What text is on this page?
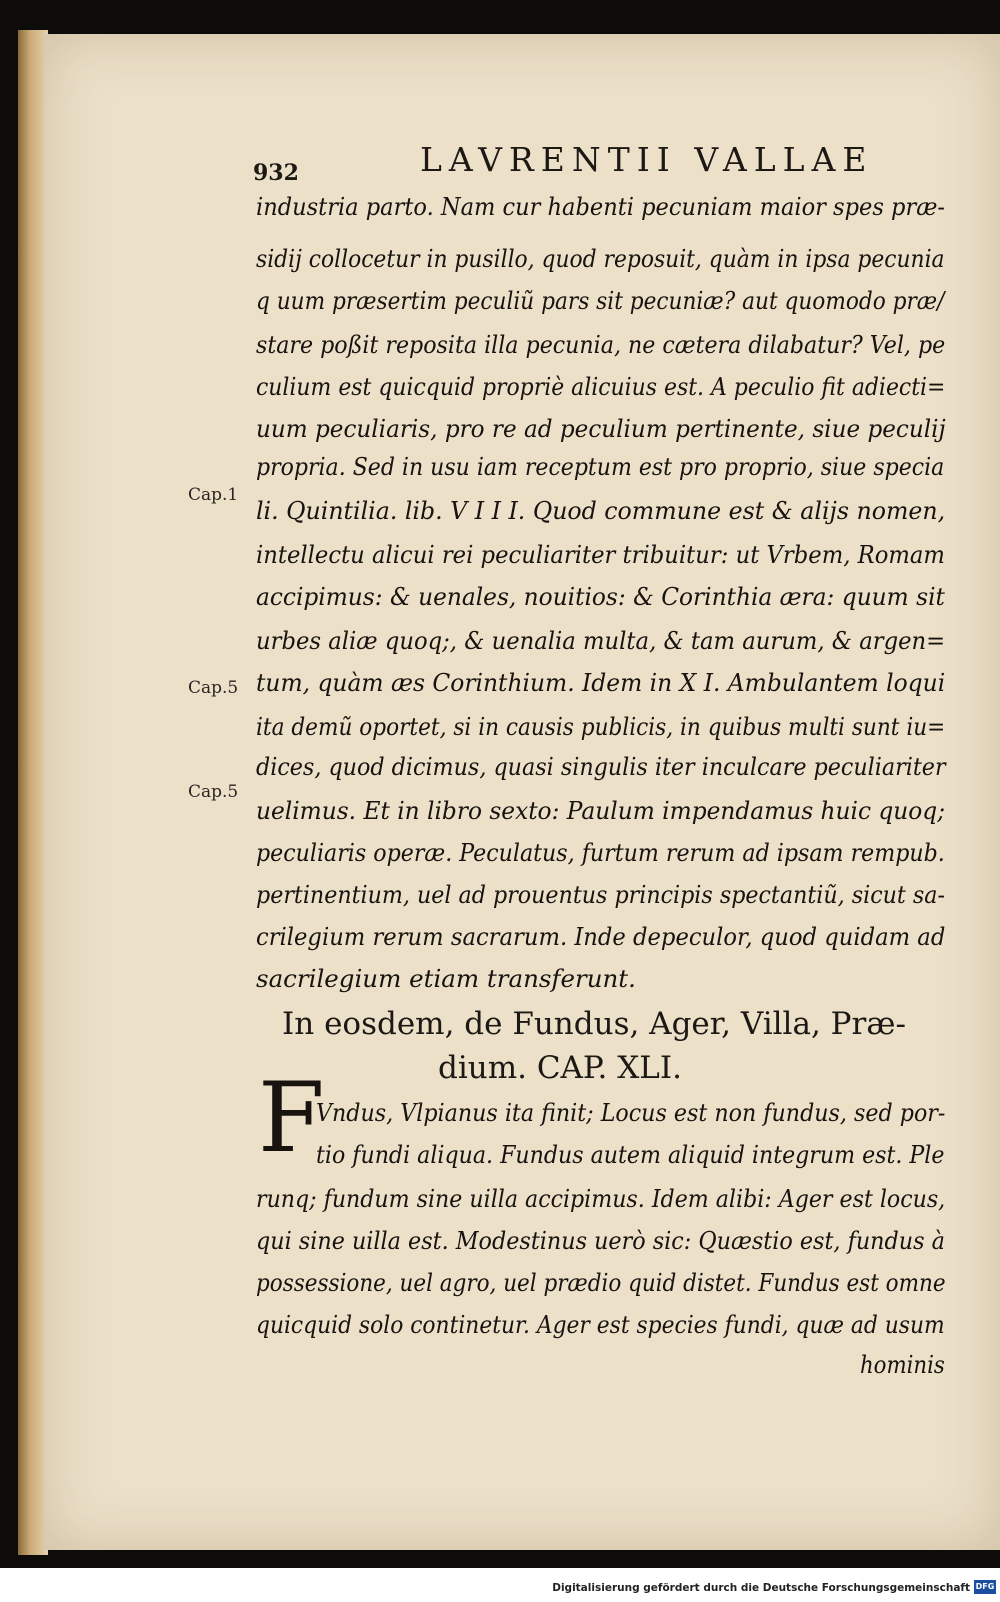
932	LAVRENTII VALLAE
Cap.1
Cap.5
Cap.5
industria parto. Nam cur habenti pecuniam maior spes præ-
sidij collocetur in pusillo, quod reposuit, quàm in ipsa pecunia
q uum præsertim peculiũ pars sit pecuniæ? aut quomodo præ/
stare poßit reposita illa pecunia, ne cætera dilabatur? Vel, pe
culium est quicquid propriè alicuius est. A peculio fit adiecti=
uum peculiaris, pro re ad peculium pertinente, siue peculij
propria. Sed in usu iam receptum est pro proprio, siue specia
li. Quintilia. lib. V I I I. Quod commune est & alijs nomen,
intellectu alicui rei peculiariter tribuitur: ut Vrbem, Romam
accipimus: & uenales, nouitios: & Corinthia æra: quum sit
urbes aliæ quoq;, & uenalia multa, & tam aurum, & argen=
tum, quàm æs Corinthium. Idem in X I. Ambulantem loqui
ita demũ oportet, si in causis publicis, in quibus multi sunt iu=
dices, quod dicimus, quasi singulis iter inculcare peculiariter
uelimus. Et in libro sexto: Paulum impendamus huic quoq;
peculiaris operæ. Peculatus, furtum rerum ad ipsam rempub.
pertinentium, uel ad prouentus principis spectantiũ, sicut sa-
crilegium rerum sacrarum. Inde depeculor, quod quidam ad
sacrilegium etiam transferunt.
In eosdem, de Fundus, Ager, Villa, Præ-
dium. CAP. XLI.
F
Vndus, Vlpianus ita finit; Locus est non fundus, sed por-
tio fundi aliqua. Fundus autem aliquid integrum est. Ple
runq; fundum sine uilla accipimus. Idem alibi: Ager est locus,
qui sine uilla est. Modestinus uerò sic: Quæstio est, fundus à
possessione, uel agro, uel prædio quid distet. Fundus est omne
quicquid solo continetur. Ager est species fundi, quæ ad usum
hominis
Digitalisierung gefördert durch die Deutsche Forschungsgemeinschaft DFG
